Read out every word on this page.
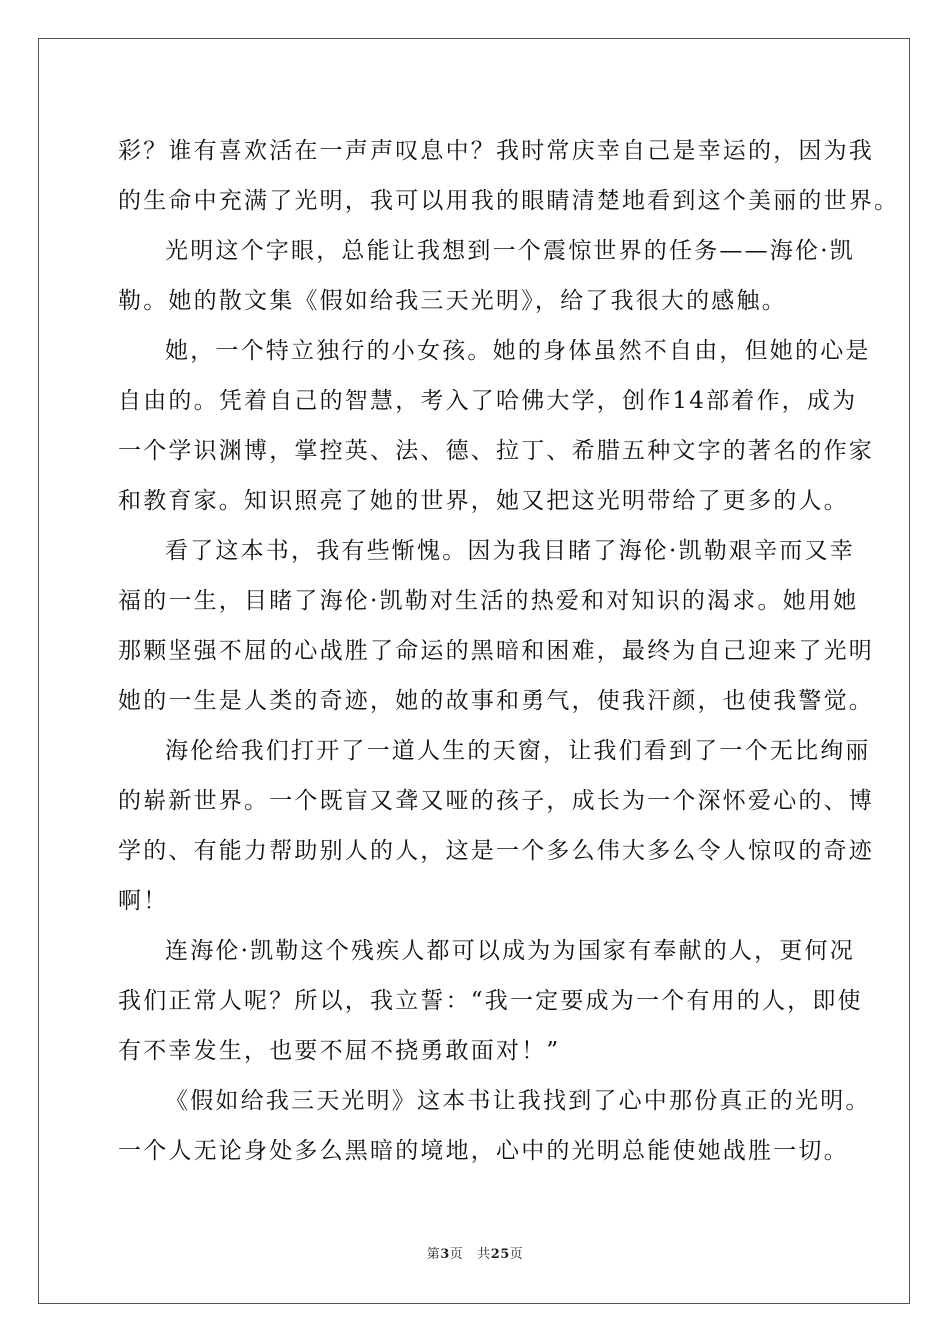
彩？谁有喜欢活在一声声叹息中？我时常庆幸自己是幸运的，因为我
的生命中充满了光明，我可以用我的眼睛清楚地看到这个美丽的世界。
光明这个字眼，总能让我想到一个震惊世界的任务——海伦·凯
勒。她的散文集《假如给我三天光明》，给了我很大的感触。
她，一个特立独行的小女孩。她的身体虽然不自由，但她的心是
自由的。凭着自己的智慧，考入了哈佛大学，创作14部着作，成为
一个学识渊博，掌控英、法、德、拉丁、希腊五种文字的著名的作家
和教育家。知识照亮了她的世界，她又把这光明带给了更多的人。
看了这本书，我有些惭愧。因为我目睹了海伦·凯勒艰辛而又幸
福的一生，目睹了海伦·凯勒对生活的热爱和对知识的渴求。她用她
那颗坚强不屈的心战胜了命运的黑暗和困难，最终为自己迎来了光明
她的一生是人类的奇迹，她的故事和勇气，使我汗颜，也使我警觉。
海伦给我们打开了一道人生的天窗，让我们看到了一个无比绚丽
的崭新世界。一个既盲又聋又哑的孩子，成长为一个深怀爱心的、博
学的、有能力帮助别人的人，这是一个多么伟大多么令人惊叹的奇迹
啊！
连海伦·凯勒这个残疾人都可以成为为国家有奉献的人，更何况
我们正常人呢？所以，我立誓：“我一定要成为一个有用的人，即使
有不幸发生，也要不屈不挠勇敢面对！”
《假如给我三天光明》这本书让我找到了心中那份真正的光明。
一个人无论身处多么黑暗的境地，心中的光明总能使她战胜一切。
第3页 共25页
